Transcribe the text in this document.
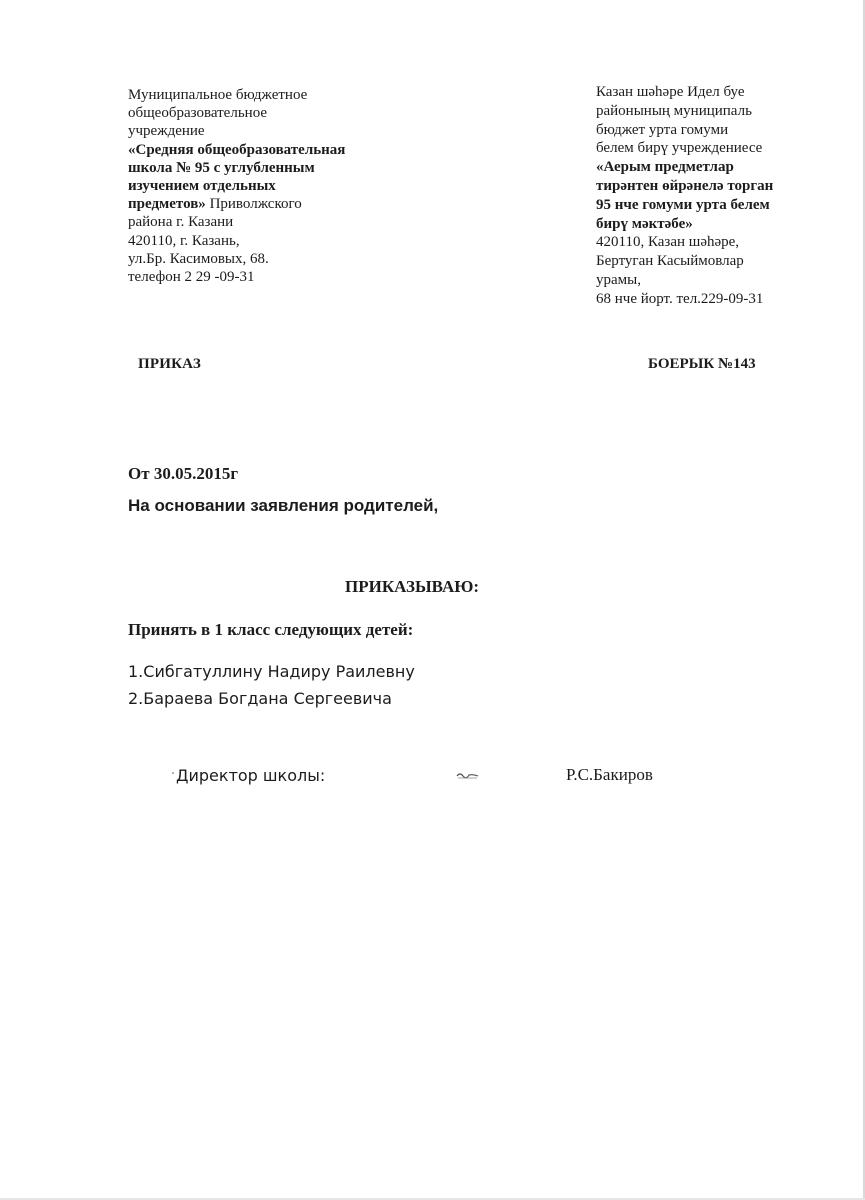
Муниципальное бюджетное
общеобразовательное
учреждение
«Средняя общеобразовательная
школа № 95 с углубленным
изучением отдельных
предметов» Приволжского
района г. Казани
420110, г. Казань,
ул.Бр. Касимовых, 68.
телефон 2 29 -09-31
Казан шәһәре Идел буе
районының муниципаль
бюджет урта гомуми
белем бирү учреждениесе
«Аерым предметлар
тирәнтен өйрәнелә торган
95 нче гомуми урта белем
бирү мәктәбе»
420110, Казан шәһәре,
Бертуган Касыймовлар
урамы,
68 нче йорт. тел.229-09-31
ПРИКАЗ	БОЕРЫК №143
От 30.05.2015г
На основании заявления родителей,
ПРИКАЗЫВАЮ:
Принять в 1 класс следующих детей:
1.Сибгатуллину Надиру Раилевну
2.Бараева Богдана Сергеевича
Директор школы:	Р.С.Бакиров
